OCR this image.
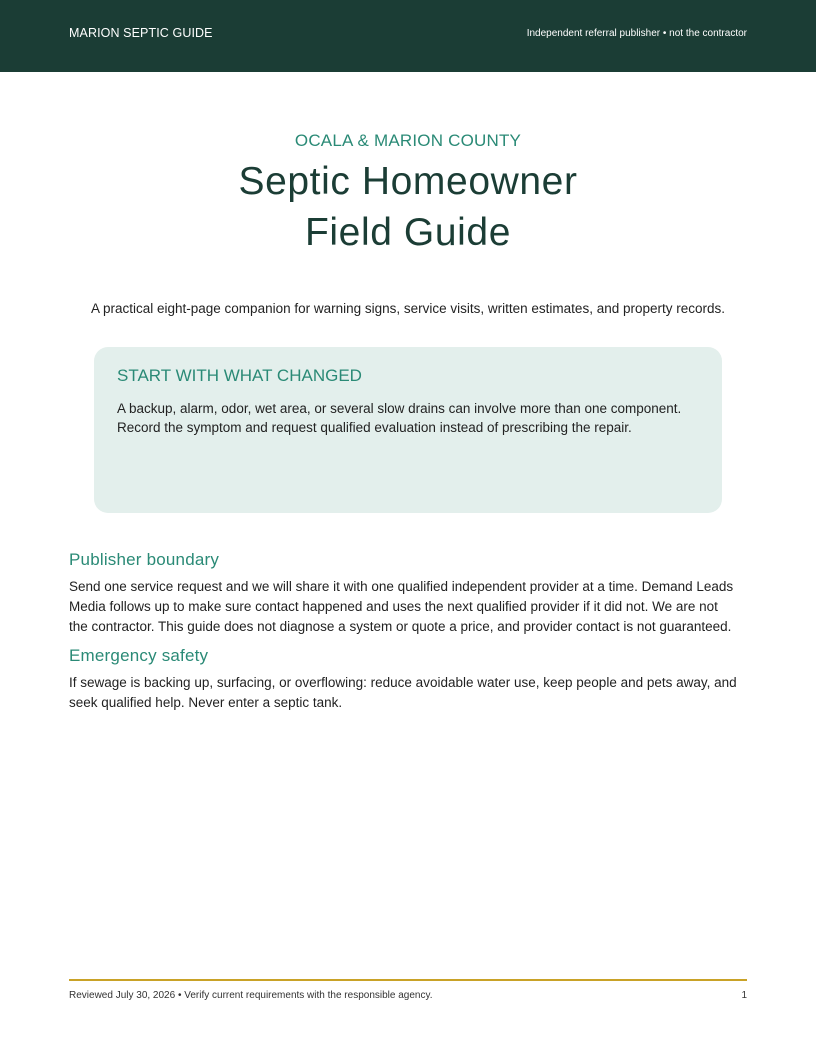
MARION SEPTIC GUIDE	Independent referral publisher • not the contractor
OCALA & MARION COUNTY
Septic Homeowner
Field Guide
A practical eight-page companion for warning signs, service visits, written estimates, and property records.
START WITH WHAT CHANGED
A backup, alarm, odor, wet area, or several slow drains can involve more than one component.
Record the symptom and request qualified evaluation instead of prescribing the repair.
Publisher boundary
Send one service request and we will share it with one qualified independent provider at a time. Demand Leads
Media follows up to make sure contact happened and uses the next qualified provider if it did not. We are not
the contractor. This guide does not diagnose a system or quote a price, and provider contact is not guaranteed.
Emergency safety
If sewage is backing up, surfacing, or overflowing: reduce avoidable water use, keep people and pets away, and
seek qualified help. Never enter a septic tank.
Reviewed July 30, 2026 • Verify current requirements with the responsible agency.	1
